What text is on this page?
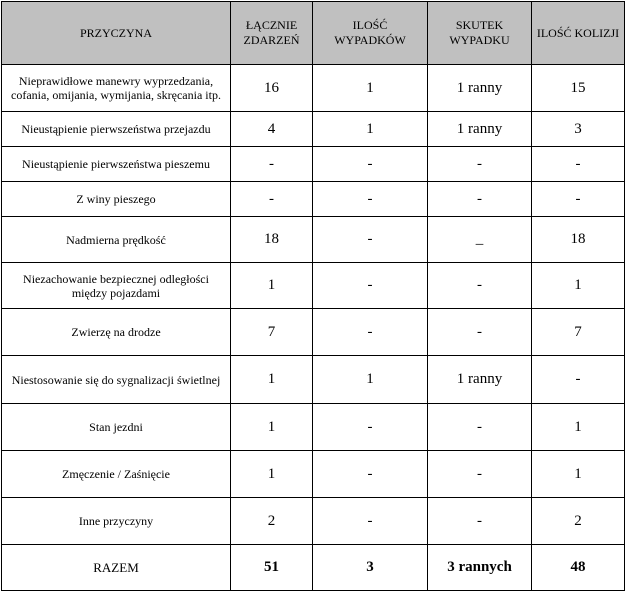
PRZYCZYNA	ŁĄCZNIE ZDARZEŃ	ILOŚĆ WYPADKÓW	SKUTEK WYPADKU	ILOŚĆ KOLIZJI
Nieprawidłowe manewry wyprzedzania, cofania, omijania, wymijania, skręcania itp.	16	1	1 ranny	15
Nieustąpienie pierwszeństwa przejazdu	4	1	1 ranny	3
Nieustąpienie pierwszeństwa pieszemu	-	-	-	-
Z winy pieszego	-	-	-	-
Nadmierna prędkość	18	-	_	18
Niezachowanie bezpiecznej odległości między pojazdami	1	-	-	1
Zwierzę na drodze	7	-	-	7
Niestosowanie się do sygnalizacji świetlnej	1	1	1 ranny	-
Stan jezdni	1	-	-	1
Zmęczenie / Zaśnięcie	1	-	-	1
Inne przyczyny	2	-	-	2
RAZEM	51	3	3 rannych	48
